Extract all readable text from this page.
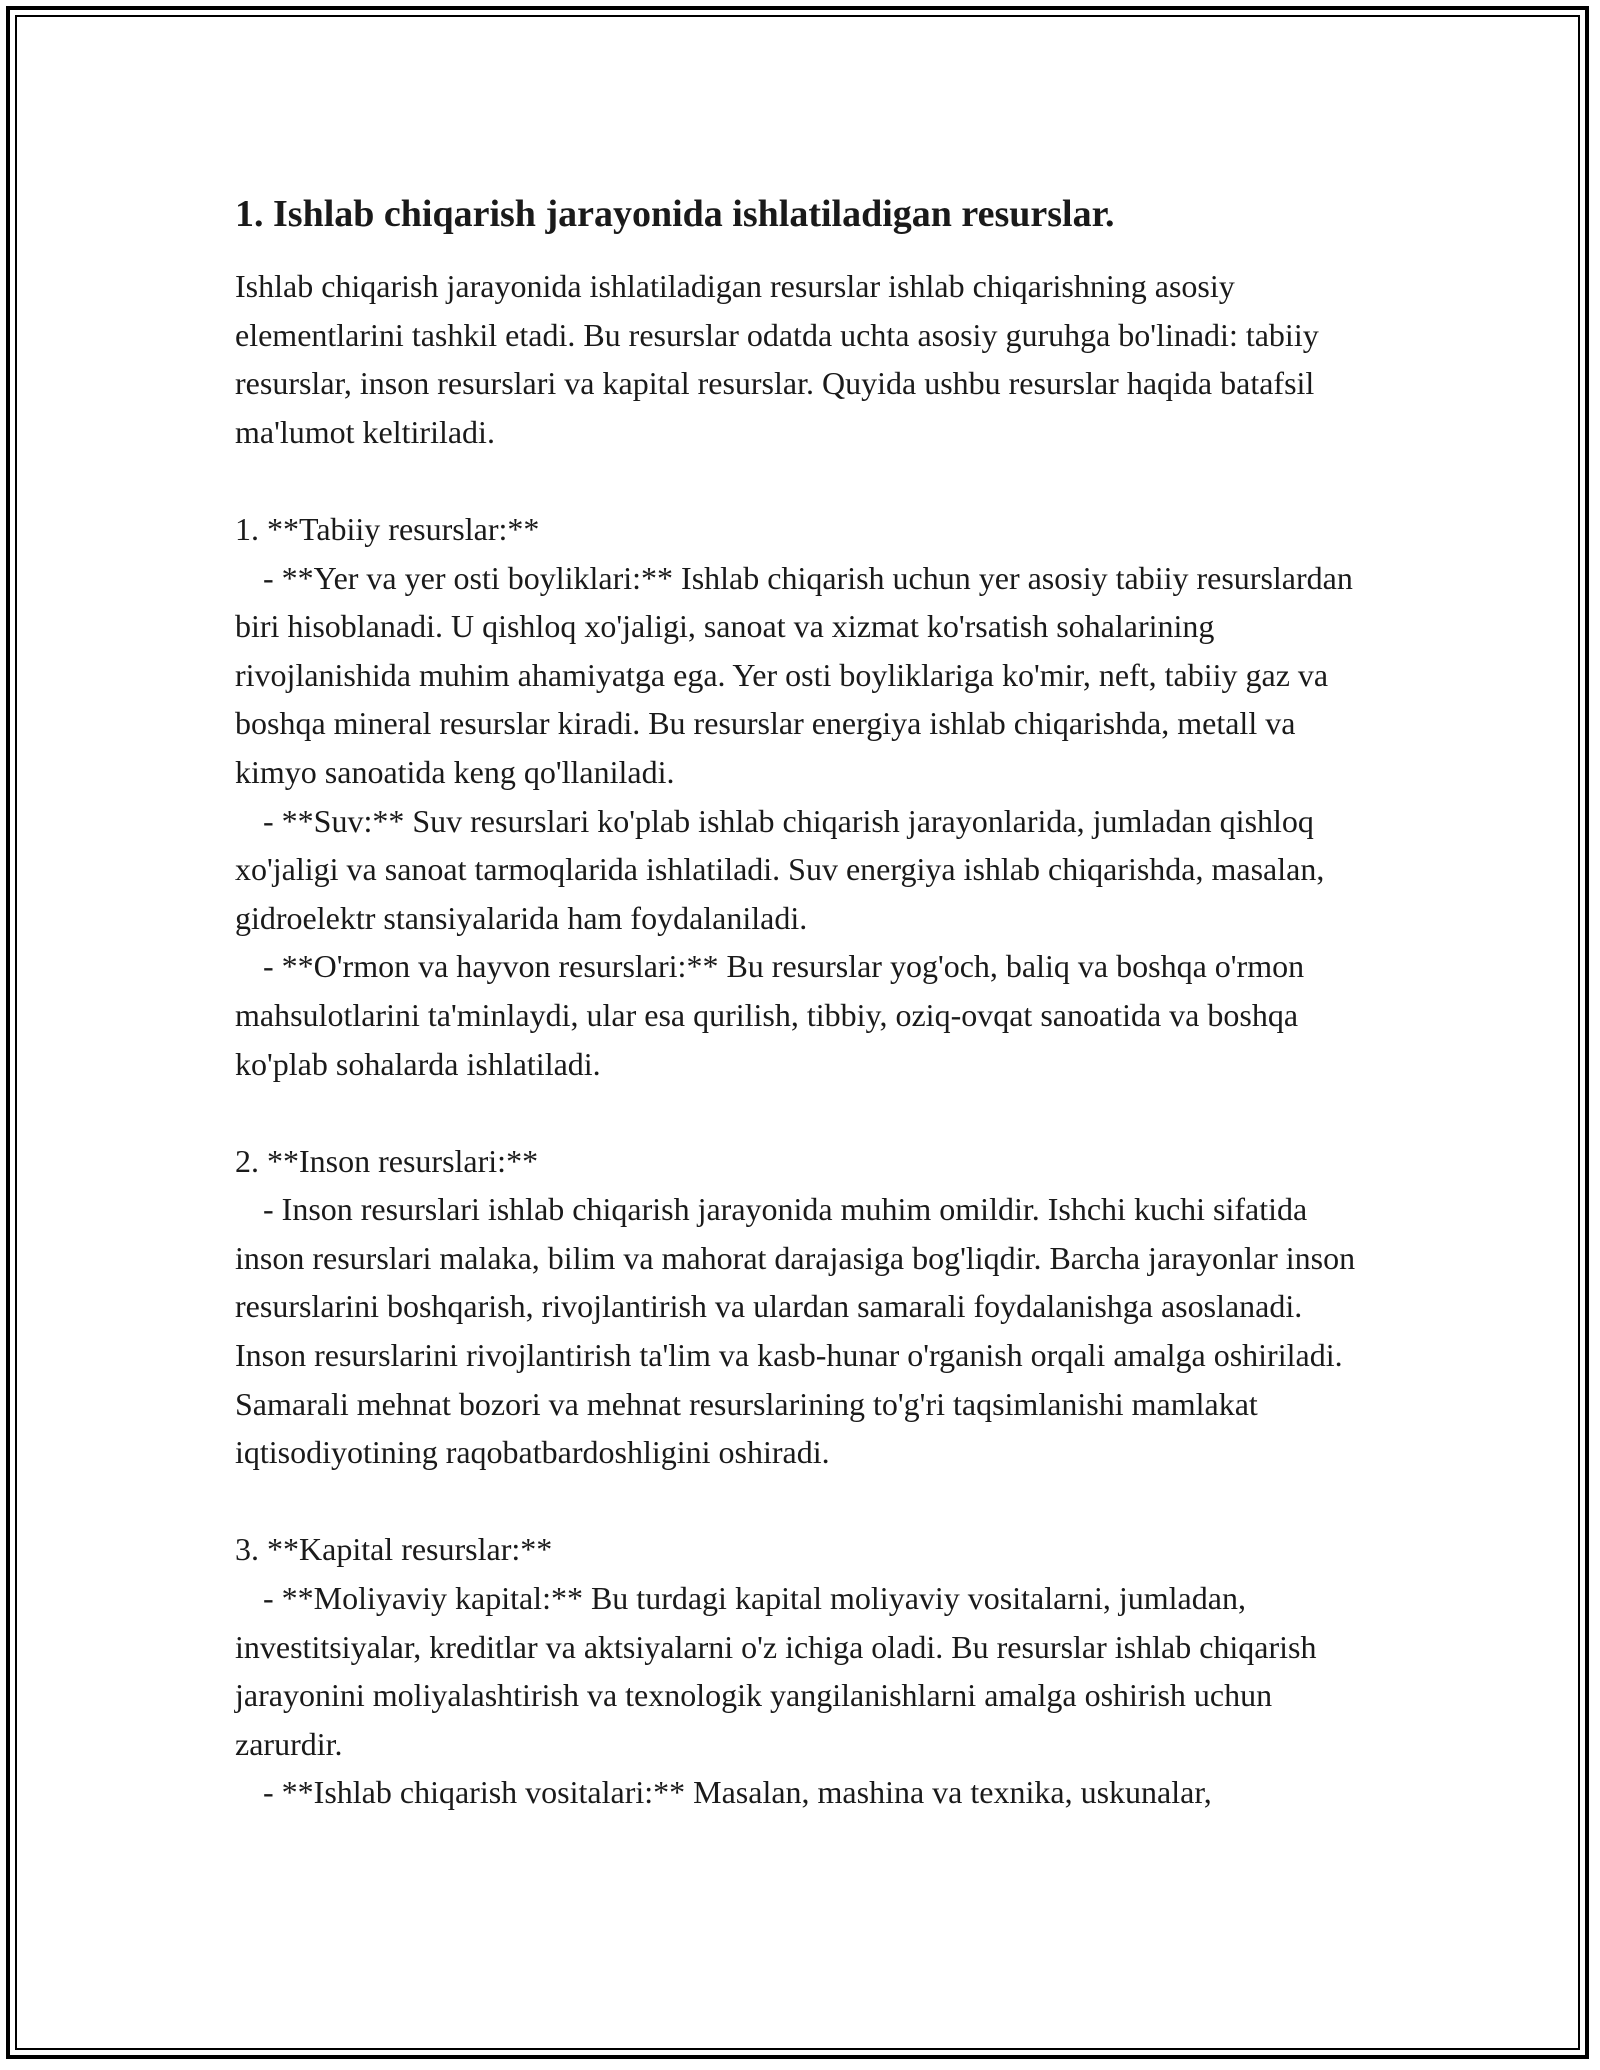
1. Ishlab chiqarish jarayonida ishlatiladigan resurslar.

Ishlab chiqarish jarayonida ishlatiladigan resurslar ishlab chiqarishning asosiy elementlarini tashkil etadi. Bu resurslar odatda uchta asosiy guruhga bo'linadi: tabiiy resurslar, inson resurslari va kapital resurslar. Quyida ushbu resurslar haqida batafsil ma'lumot keltiriladi.

1. **Tabiiy resurslar:**
- **Yer va yer osti boyliklari:** Ishlab chiqarish uchun yer asosiy tabiiy resurslardan biri hisoblanadi. U qishloq xo'jaligi, sanoat va xizmat ko'rsatish sohalarining rivojlanishida muhim ahamiyatga ega. Yer osti boyliklariga ko'mir, neft, tabiiy gaz va boshqa mineral resurslar kiradi. Bu resurslar energiya ishlab chiqarishda, metall va kimyo sanoatida keng qo'llaniladi.
- **Suv:** Suv resurslari ko'plab ishlab chiqarish jarayonlarida, jumladan qishloq xo'jaligi va sanoat tarmoqlarida ishlatiladi. Suv energiya ishlab chiqarishda, masalan, gidroelektr stansiyalarida ham foydalaniladi.
- **O'rmon va hayvon resurslari:** Bu resurslar yog'och, baliq va boshqa o'rmon mahsulotlarini ta'minlaydi, ular esa qurilish, tibbiy, oziq-ovqat sanoatida va boshqa ko'plab sohalarda ishlatiladi.
2. **Inson resurslari:**
- Inson resurslari ishlab chiqarish jarayonida muhim omildir. Ishchi kuchi sifatida inson resurslari malaka, bilim va mahorat darajasiga bog'liqdir. Barcha jarayonlar inson resurslarini boshqarish, rivojlantirish va ulardan samarali foydalanishga asoslanadi. Inson resurslarini rivojlantirish ta'lim va kasb-hunar o'rganish orqali amalga oshiriladi. Samarali mehnat bozori va mehnat resurslarining to'g'ri taqsimlanishi mamlakat iqtisodiyotining raqobatbardoshligini oshiradi.
3. **Kapital resurslar:**
- **Moliyaviy kapital:** Bu turdagi kapital moliyaviy vositalarni, jumladan, investitsiyalar, kreditlar va aktsiyalarni o'z ichiga oladi. Bu resurslar ishlab chiqarish jarayonini moliyalashtirish va texnologik yangilanishlarni amalga oshirish uchun zarurdir.
- **Ishlab chiqarish vositalari:** Masalan, mashina va texnika, uskunalar,
